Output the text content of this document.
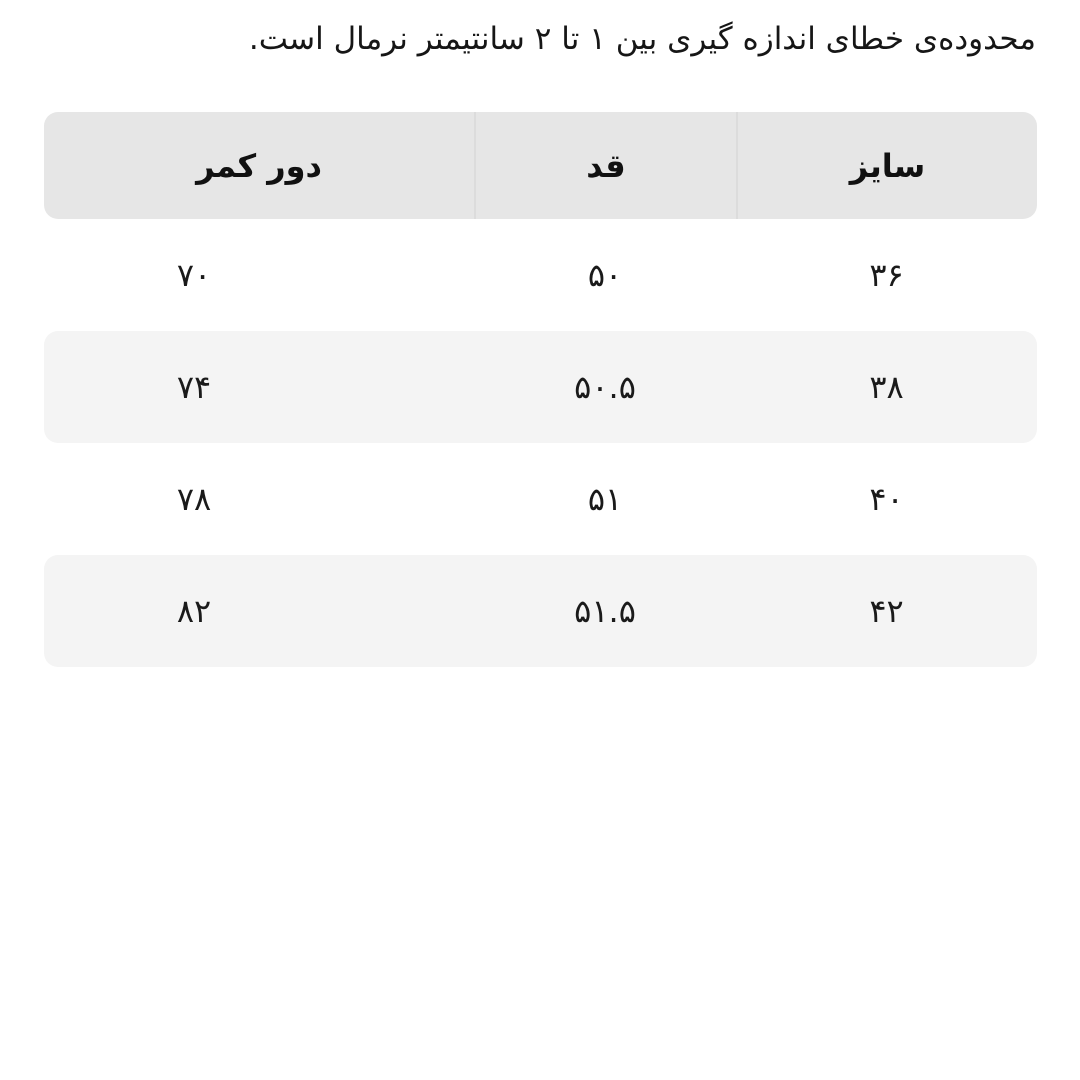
محدوده‌ی خطای اندازه گیری بین ۱ تا ۲ سانتیمتر نرمال است.
سایز
قد
دور کمر
۳۶
۵۰
۷۰
۳۸
۵۰.۵
۷۴
۴۰
۵۱
۷۸
۴۲
۵۱.۵
۸۲
